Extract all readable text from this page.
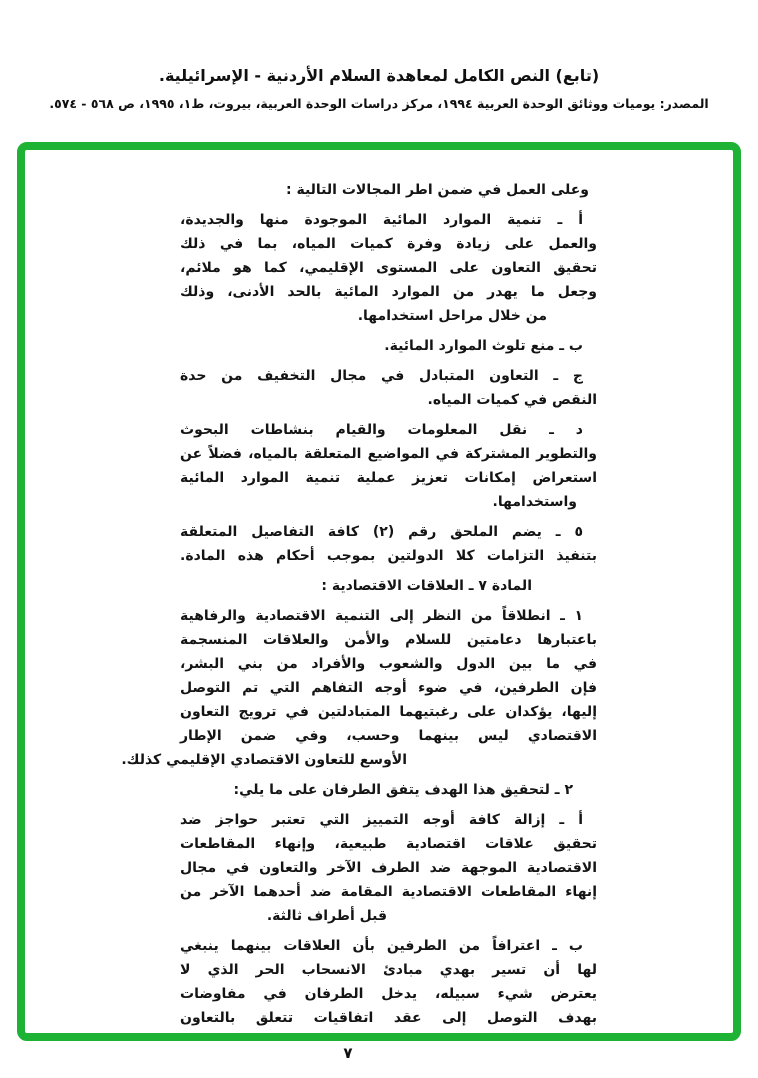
(تابع) النص الكامل لمعاهدة السلام الأردنية - الإسرائيلية.
المصدر: يوميات ووثائق الوحدة العربية ١٩٩٤، مركز دراسات الوحدة العربية، بيروت، ط١، ١٩٩٥، ص ٥٦٨ - ٥٧٤.
وعلى العمل في ضمن اطر المجالات التالية :
أ ـ تنمية الموارد المائية الموجودة منها والجديدة،
والعمل على زيادة وفرة كميات المياه، بما في ذلك
تحقيق التعاون على المستوى الإقليمي، كما هو ملائم،
وجعل ما يهدر من الموارد المائية بالحد الأدنى، وذلك
من خلال مراحل استخدامها.
ب ـ منع تلوث الموارد المائية.
ج ـ التعاون المتبادل في مجال التخفيف من حدة
النقص في كميات المياه.
د ـ نقل المعلومات والقيام بنشاطات البحوث
والتطوير المشتركة في المواضيع المتعلقة بالمياه، فضلاً عن
استعراض إمكانات تعزيز عملية تنمية الموارد المائية
واستخدامها.
٥ ـ يضم الملحق رقم (٢) كافة التفاصيل المتعلقة
بتنفيذ التزامات كلا الدولتين بموجب أحكام هذه المادة.
المادة ٧ ـ العلاقات الاقتصادية :
١ ـ انطلاقاً من النظر إلى التنمية الاقتصادية والرفاهية
باعتبارها دعامتين للسلام والأمن والعلاقات المنسجمة
في ما بين الدول والشعوب والأفراد من بني البشر،
فإن الطرفين، في ضوء أوجه التفاهم التي تم التوصل
إليها، يؤكدان على رغبتيهما المتبادلتين في ترويج التعاون
الاقتصادي ليس بينهما وحسب، وفي ضمن الإطار
الأوسع للتعاون الاقتصادي الإقليمي كذلك.
٢ ـ لتحقيق هذا الهدف يتفق الطرفان على ما يلي:
أ ـ إزالة كافة أوجه التمييز التي تعتبر حواجز ضد
تحقيق علاقات اقتصادية طبيعية، وإنهاء المقاطعات
الاقتصادية الموجهة ضد الطرف الآخر والتعاون في مجال
إنهاء المقاطعات الاقتصادية المقامة ضد أحدهما الآخر من
قبل أطراف ثالثة.
ب ـ اعترافاً من الطرفين بأن العلاقات بينهما ينبغي
لها أن تسير بهدي مبادئ الانسحاب الحر الذي لا
يعترض شيء سبيله، يدخل الطرفان في مفاوضات
بهدف التوصل إلى عقد اتفاقيات تتعلق بالتعاون
٧
